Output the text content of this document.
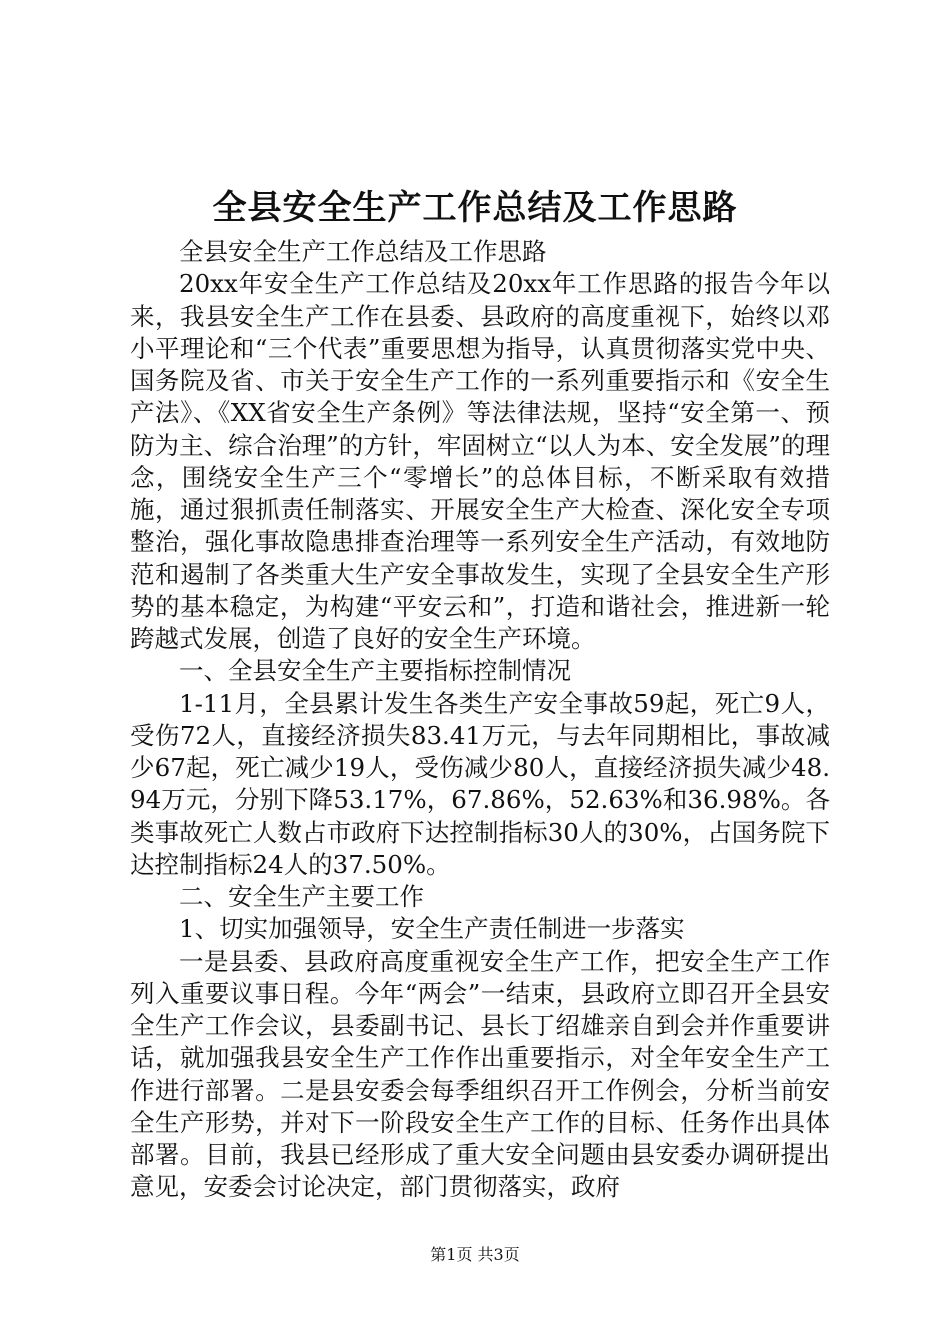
全县安全生产工作总结及工作思路

全县安全生产工作总结及工作思路

20xx年安全生产工作总结及20xx年工作思路的报告今年以来，我县安全生产工作在县委、县政府的高度重视下，始终以邓小平理论和“三个代表”重要思想为指导，认真贯彻落实党中央、国务院及省、市关于安全生产工作的一系列重要指示和《安全生产法》、《XX省安全生产条例》等法律法规，坚持“安全第一、预防为主、综合治理”的方针，牢固树立“以人为本、安全发展”的理念，围绕安全生产三个“零增长”的总体目标，不断采取有效措施，通过狠抓责任制落实、开展安全生产大检查、深化安全专项整治，强化事故隐患排查治理等一系列安全生产活动，有效地防范和遏制了各类重大生产安全事故发生，实现了全县安全生产形势的基本稳定，为构建“平安云和”，打造和谐社会，推进新一轮跨越式发展，创造了良好的安全生产环境。

一、全县安全生产主要指标控制情况

1-11月，全县累计发生各类生产安全事故59起，死亡9人，受伤72人，直接经济损失83.41万元，与去年同期相比，事故减少67起，死亡减少19人，受伤减少80人，直接经济损失减少48.94万元，分别下降53.17%，67.86%，52.63%和36.98%。各类事故死亡人数占市政府下达控制指标30人的30%，占国务院下达控制指标24人的37.50%。

二、安全生产主要工作

1、切实加强领导，安全生产责任制进一步落实

一是县委、县政府高度重视安全生产工作，把安全生产工作列入重要议事日程。今年“两会”一结束，县政府立即召开全县安全生产工作会议，县委副书记、县长丁绍雄亲自到会并作重要讲话，就加强我县安全生产工作作出重要指示，对全年安全生产工作进行部署。二是县安委会每季组织召开工作例会，分析当前安全生产形势，并对下一阶段安全生产工作的目标、任务作出具体部署。目前，我县已经形成了重大安全问题由县安委办调研提出意见，安委会讨论决定，部门贯彻落实，政府

第1页 共3页
